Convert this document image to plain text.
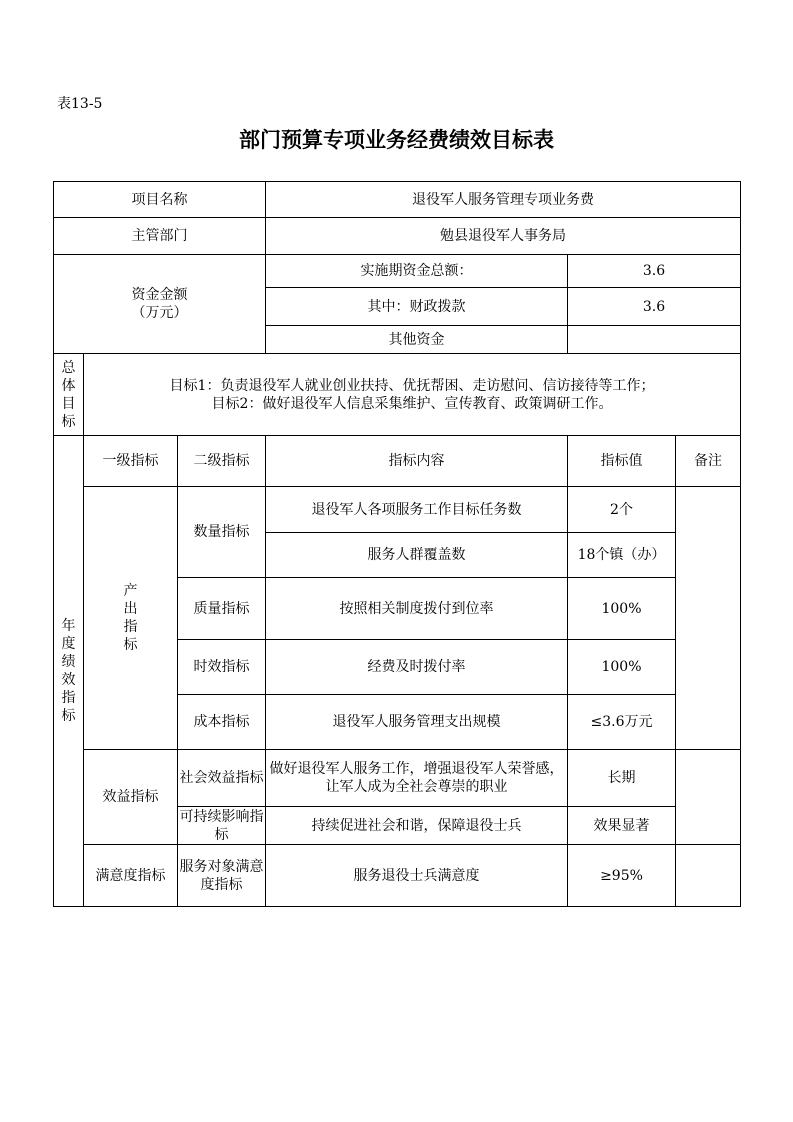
表13-5
部门预算专项业务经费绩效目标表
项目名称			退役军人服务管理专项业务费		
主管部门			勉县退役军人事务局		

资金金额
（万元）			实施期资金总额：	3.6	
			其中：财政拨款	3.6	
			其他资金		
总体目标	目标1：负责退役军人就业创业扶持、优抚帮困、走访慰问、信访接待等工作；
目标2：做好退役军人信息采集维护、宣传教育、政策调研工作。				

年度绩效指标	一级指标	二级指标	指标内容	指标值	备注
	产出指标	数量指标	退役军人各项服务工作目标任务数	2个	
			服务人群覆盖数	18个镇（办）	
		质量指标	按照相关制度拨付到位率	100%	
		时效指标	经费及时拨付率	100%	
		成本指标	退役军人服务管理支出规模	≤3.6万元	
	效益指标	社会效益指标	做好退役军人服务工作，增强退役军人荣誉感，让军人成为全社会尊崇的职业	长期	
		可持续影响指标	持续促进社会和谐，保障退役士兵	效果显著	
	满意度指标	服务对象满意度指标	服务退役士兵满意度	≥95%	
